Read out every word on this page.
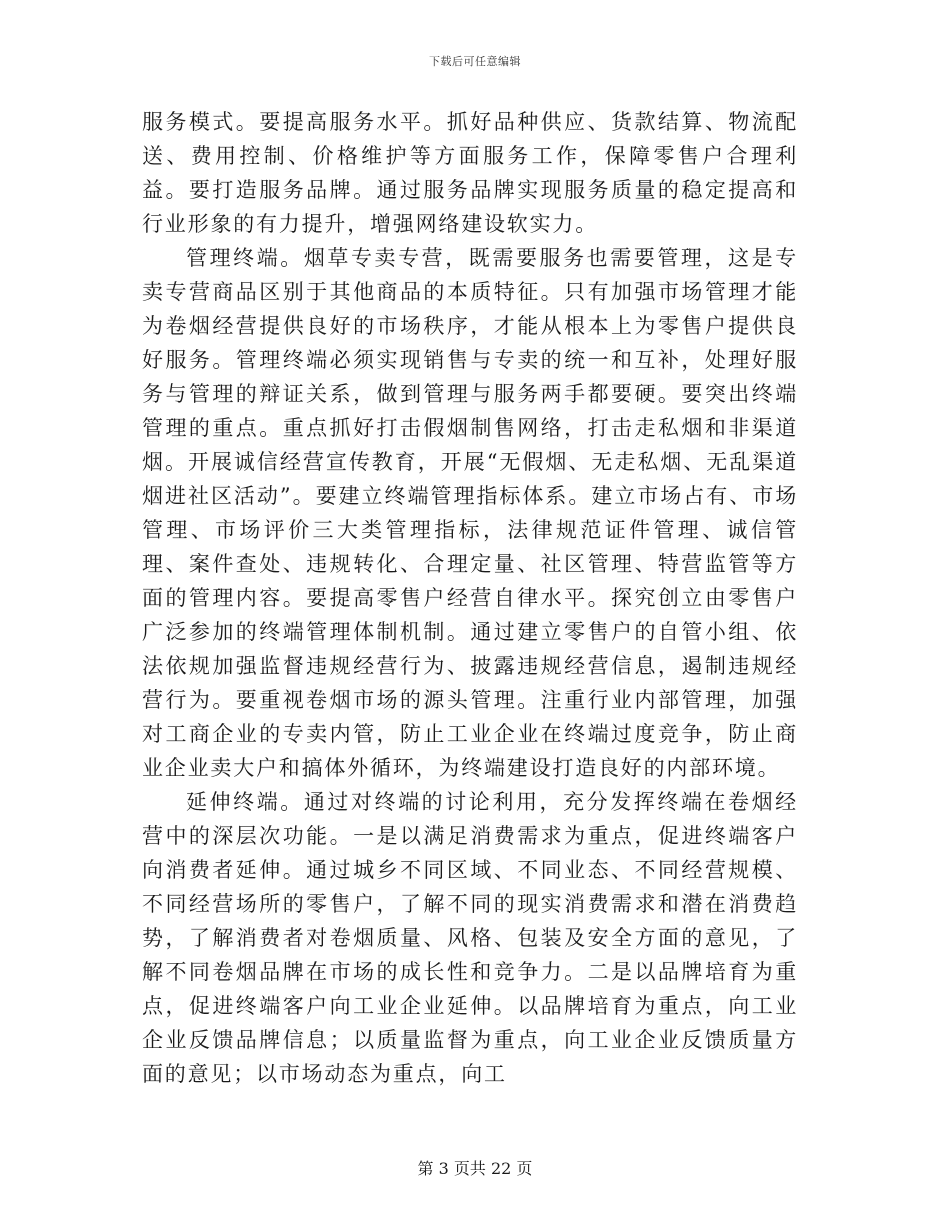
下载后可任意编辑

服务模式。要提高服务水平。抓好品种供应、货款结算、物流配送、费用控制、价格维护等方面服务工作，保障零售户合理利益。要打造服务品牌。通过服务品牌实现服务质量的稳定提高和行业形象的有力提升，增强网络建设软实力。

管理终端。烟草专卖专营，既需要服务也需要管理，这是专卖专营商品区别于其他商品的本质特征。只有加强市场管理才能为卷烟经营提供良好的市场秩序，才能从根本上为零售户提供良好服务。管理终端必须实现销售与专卖的统一和互补，处理好服务与管理的辩证关系，做到管理与服务两手都要硬。要突出终端管理的重点。重点抓好打击假烟制售网络，打击走私烟和非渠道烟。开展诚信经营宣传教育，开展“无假烟、无走私烟、无乱渠道烟进社区活动”。要建立终端管理指标体系。建立市场占有、市场管理、市场评价三大类管理指标，法律规范证件管理、诚信管理、案件查处、违规转化、合理定量、社区管理、特营监管等方面的管理内容。要提高零售户经营自律水平。探究创立由零售户广泛参加的终端管理体制机制。通过建立零售户的自管小组、依法依规加强监督违规经营行为、披露违规经营信息，遏制违规经营行为。要重视卷烟市场的源头管理。注重行业内部管理，加强对工商企业的专卖内管，防止工业企业在终端过度竞争，防止商业企业卖大户和搞体外循环，为终端建设打造良好的内部环境。

延伸终端。通过对终端的讨论利用，充分发挥终端在卷烟经营中的深层次功能。一是以满足消费需求为重点，促进终端客户向消费者延伸。通过城乡不同区域、不同业态、不同经营规模、不同经营场所的零售户，了解不同的现实消费需求和潜在消费趋势，了解消费者对卷烟质量、风格、包装及安全方面的意见，了解不同卷烟品牌在市场的成长性和竞争力。二是以品牌培育为重点，促进终端客户向工业企业延伸。以品牌培育为重点，向工业企业反馈品牌信息；以质量监督为重点，向工业企业反馈质量方面的意见；以市场动态为重点，向工

第 3 页共 22 页
